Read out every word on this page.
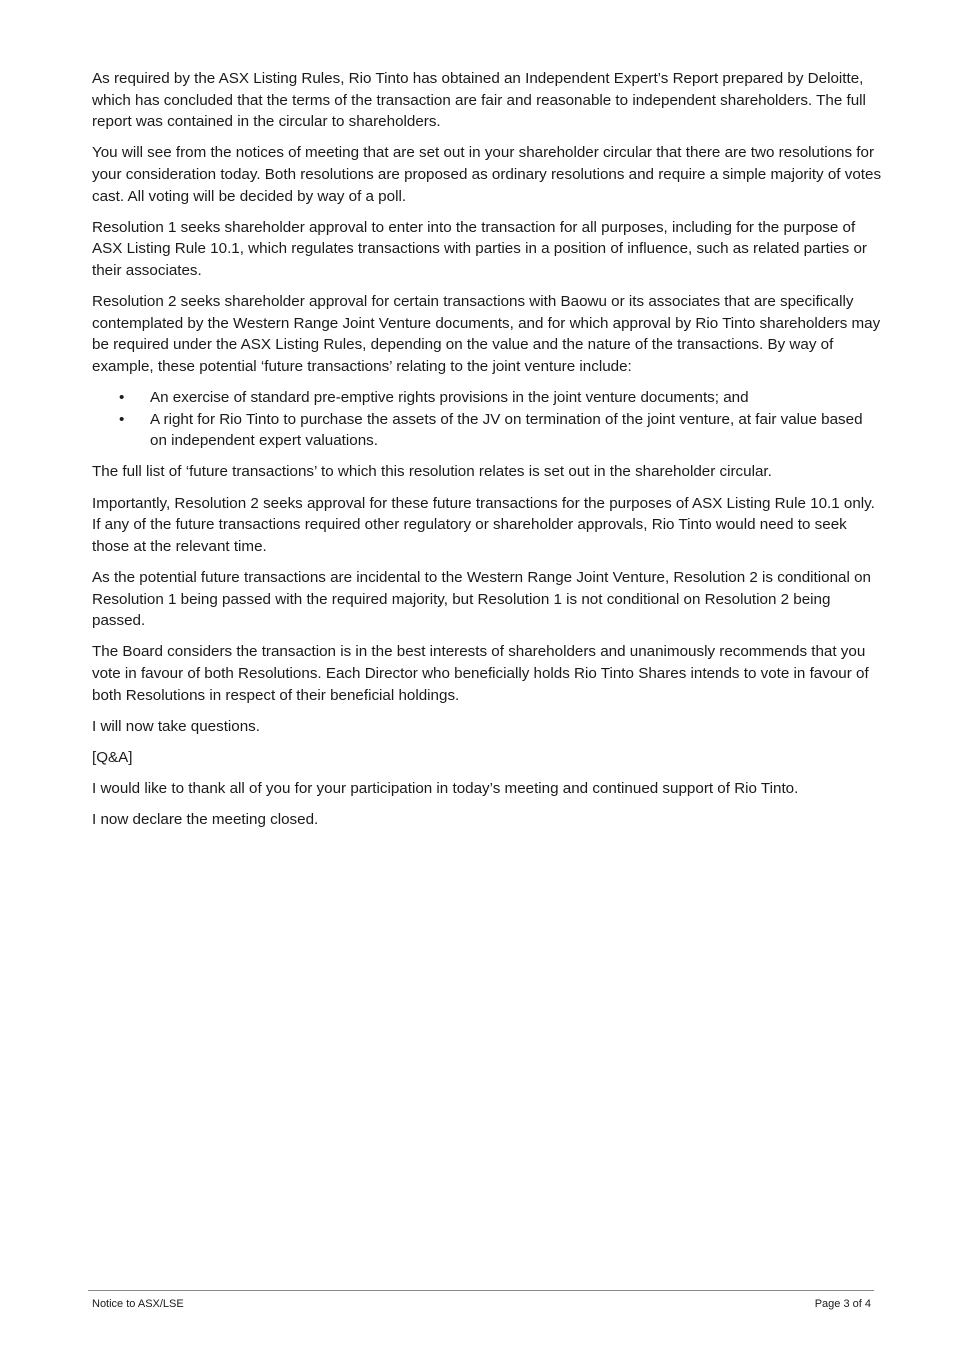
As required by the ASX Listing Rules, Rio Tinto has obtained an Independent Expert’s Report prepared by Deloitte, which has concluded that the terms of the transaction are fair and reasonable to independent shareholders. The full report was contained in the circular to shareholders.

You will see from the notices of meeting that are set out in your shareholder circular that there are two resolutions for your consideration today. Both resolutions are proposed as ordinary resolutions and require a simple majority of votes cast. All voting will be decided by way of a poll.

Resolution 1 seeks shareholder approval to enter into the transaction for all purposes, including for the purpose of ASX Listing Rule 10.1, which regulates transactions with parties in a position of influence, such as related parties or their associates.

Resolution 2 seeks shareholder approval for certain transactions with Baowu or its associates that are specifically contemplated by the Western Range Joint Venture documents, and for which approval by Rio Tinto shareholders may be required under the ASX Listing Rules, depending on the value and the nature of the transactions. By way of example, these potential ‘future transactions’ relating to the joint venture include:

• An exercise of standard pre-emptive rights provisions in the joint venture documents; and
• A right for Rio Tinto to purchase the assets of the JV on termination of the joint venture, at fair value based on independent expert valuations.

The full list of ‘future transactions’ to which this resolution relates is set out in the shareholder circular.

Importantly, Resolution 2 seeks approval for these future transactions for the purposes of ASX Listing Rule 10.1 only. If any of the future transactions required other regulatory or shareholder approvals, Rio Tinto would need to seek those at the relevant time.

As the potential future transactions are incidental to the Western Range Joint Venture, Resolution 2 is conditional on Resolution 1 being passed with the required majority, but Resolution 1 is not conditional on Resolution 2 being passed.

The Board considers the transaction is in the best interests of shareholders and unanimously recommends that you vote in favour of both Resolutions. Each Director who beneficially holds Rio Tinto Shares intends to vote in favour of both Resolutions in respect of their beneficial holdings.

I will now take questions.

[Q&A]

I would like to thank all of you for your participation in today’s meeting and continued support of Rio Tinto.

I now declare the meeting closed.

Notice to ASX/LSE	Page 3 of 4
